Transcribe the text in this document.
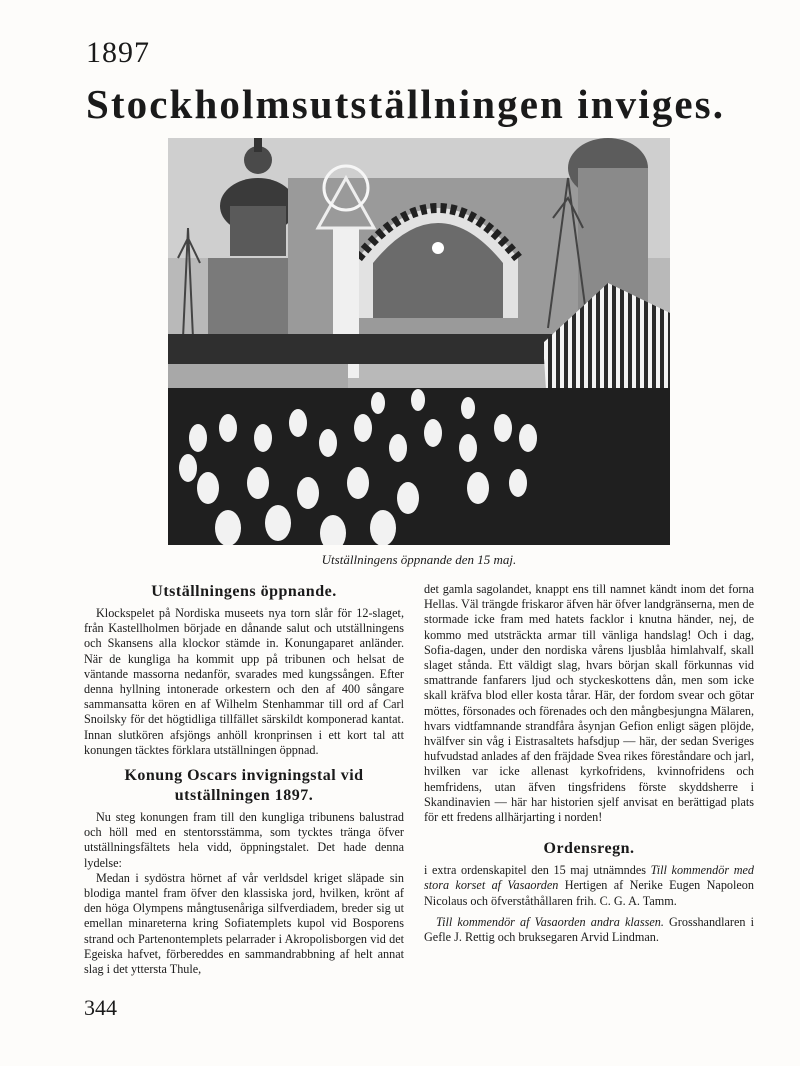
1897
Stockholmsutställningen inviges.
Utställningens öppnande den 15 maj.
Utställningens öppnande.

Klockspelet på Nordiska museets nya torn slår för 12-slaget, från Kastellholmen började en dånande salut och utställningens och Skansens alla klockor stämde in. Konungaparet anländer. När de kungliga ha kommit upp på tribunen och helsat de väntande massorna nedanför, svarades med kungssången. Efter denna hyllning intonerade orkestern och den af 400 sångare sammansatta kören en af Wilhelm Stenhammar till ord af Carl Snoilsky för det högtidliga tillfället särskildt komponerad kantat. Innan slutkören afsjöngs anhöll kronprinsen i ett kort tal att konungen täcktes förklara utställningen öppnad.

Konung Oscars invigningstal vid utställningen 1897.

Nu steg konungen fram till den kungliga tribunens balustrad och höll med en stentorsstämma, som tycktes tränga öfver utställningsfältets hela vidd, öppningstalet. Det hade denna lydelse:

Medan i sydöstra hörnet af vår verldsdel kriget släpade sin blodiga mantel fram öfver den klassiska jord, hvilken, krönt af den höga Olympens mångtusenåriga silfverdiadem, breder sig ut emellan minareterna kring Sofiatemplets kupol vid Bosporens strand och Partenontemplets pelarrader i Akropolisborgen vid det Egeiska hafvet, förbereddes en sammandrabbning af helt annat slag i det yttersta Thule,

det gamla sagolandet, knappt ens till namnet kändt inom det forna Hellas. Väl trängde friskaror äfven här öfver landgränserna, men de stormade icke fram med hatets facklor i knutna händer, nej, de kommo med utsträckta armar till vänliga handslag! Och i dag, Sofia-dagen, under den nordiska vårens ljusblåa himlahvalf, skall slaget stånda. Ett väldigt slag, hvars början skall förkunnas vid smattrande fanfarers ljud och styckeskottens dån, men som icke skall kräfva blod eller kosta tårar. Här, der fordom svear och götar möttes, försonades och förenades och den mångbesjungna Mälaren, hvars vidtfamnande strandfåra åsynjan Gefion enligt sägen plöjde, hvälfver sin våg i Eistrasaltets hafsdjup — här, der sedan Sveriges hufvudstad anlades af den fräjdade Svea rikes föreståndare och jarl, hvilken var icke allenast kyrkofridens, kvinnofridens och hemfridens, utan äfven tingsfridens förste skyddsherre i Skandinavien — här har historien sjelf anvisat en berättigad plats för ett fredens allhärjarting i norden!

Ordensregn.

i extra ordenskapitel den 15 maj utnämndes Till kommendör med stora korset af Vasaorden Hertigen af Nerike Eugen Napoleon Nicolaus och öfverståthållaren frih. C. G. A. Tamm.

Till kommendör af Vasaorden andra klassen. Grosshandlaren i Gefle J. Rettig och bruksegaren Arvid Lindman.

344
